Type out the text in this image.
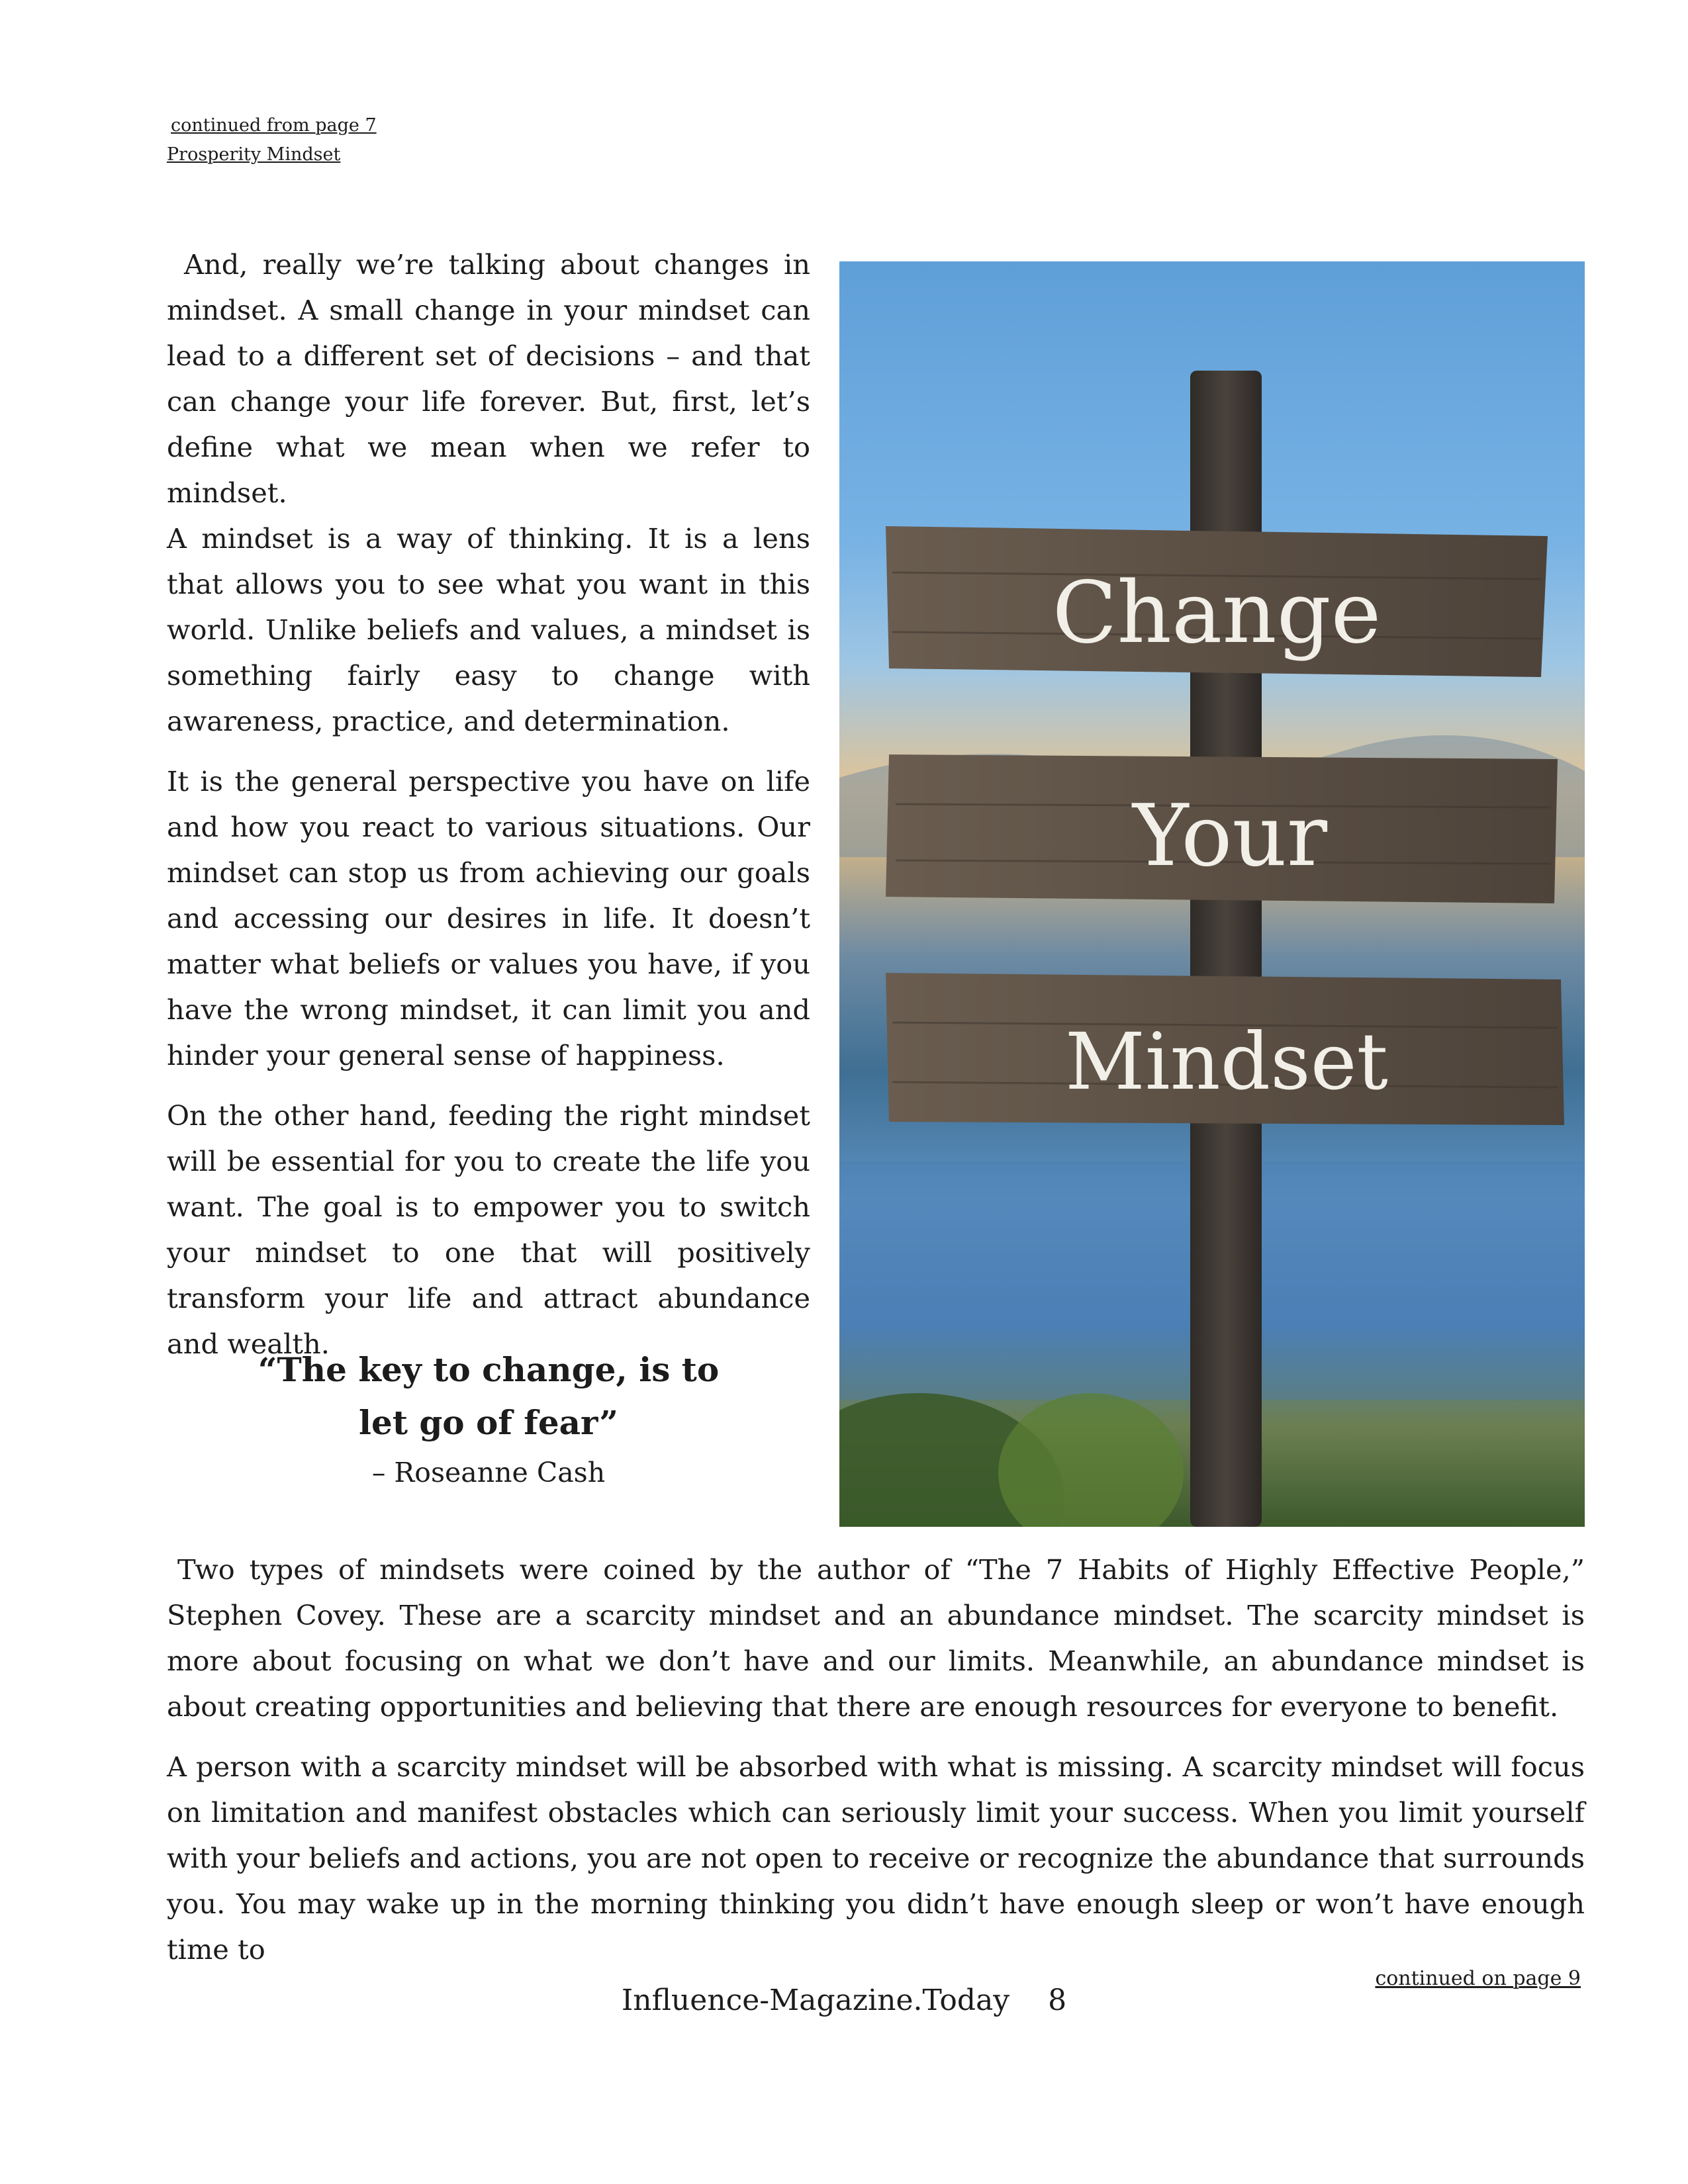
continued from page 7
Prosperity Mindset

And, really we’re talking about changes in mindset. A small change in your mindset can lead to a different set of decisions – and that can change your life forever. But, first, let’s define what we mean when we refer to mindset.

A mindset is a way of thinking. It is a lens that allows you to see what you want in this world. Unlike beliefs and values, a mindset is something fairly easy to change with awareness, practice, and determination.

It is the general perspective you have on life and how you react to various situations. Our mindset can stop us from achieving our goals and accessing our desires in life. It doesn’t matter what beliefs or values you have, if you have the wrong mindset, it can limit you and hinder your general sense of happiness.

On the other hand, feeding the right mindset will be essential for you to create the life you want. The goal is to empower you to switch your mindset to one that will positively transform your life and attract abundance and wealth.

“The key to change, is to
let go of fear”
– Roseanne Cash
Change
Your
Mindset

Two types of mindsets were coined by the author of “The 7 Habits of Highly Effective People,” Stephen Covey. These are a scarcity mindset and an abundance mindset. The scarcity mindset is more about focusing on what we don’t have and our limits. Meanwhile, an abundance mindset is about creating opportunities and believing that there are enough resources for everyone to benefit.

A person with a scarcity mindset will be absorbed with what is missing. A scarcity mindset will focus on limitation and manifest obstacles which can seriously limit your success. When you limit yourself with your beliefs and actions, you are not open to receive or recognize the abundance that surrounds you. You may wake up in the morning thinking you didn’t have enough sleep or won’t have enough time to

continued on page 9
Influence-Magazine.Today 8
